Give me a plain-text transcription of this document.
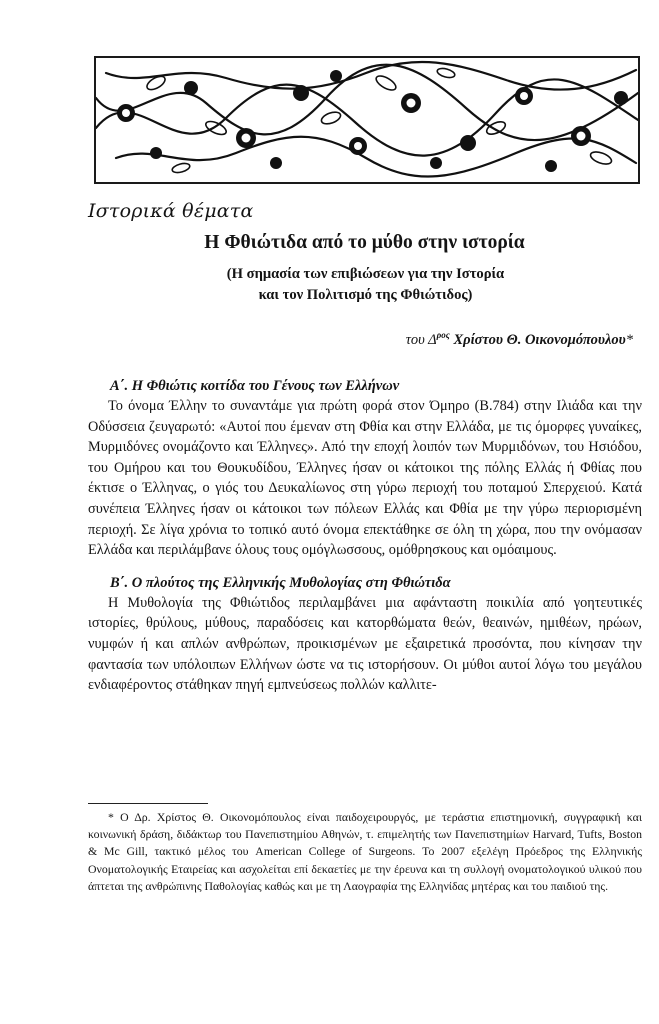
Ιστορικά θέματα
Η Φθιώτιδα από το μύθο στην ιστορία
(Η σημασία των επιβιώσεων για την Ιστορία
και τον Πολιτισμό της Φθιώτιδος)
του $\Delta^{\rho o\varsigma}$ Χρίστου Θ. Οικονομόπουλου*
Α΄. Η Φθιώτις κοιτίδα του Γένους των Ελλήνων

Το όνομα Έλλην το συναντάμε για πρώτη φορά στον Όμηρο (Β.784) στην Ιλιάδα και την Οδύσσεια ζευγαρωτό: «Αυτοί που έμεναν στη Φθία και στην Ελλάδα, με τις όμορφες γυναίκες, Μυρμιδόνες ονομάζοντο και Έλληνες». Από την εποχή λοιπόν των Μυρμιδόνων, του Ησιόδου, του Ομήρου και του Θουκυδίδου, Έλληνες ήσαν οι κάτοικοι της πόλης Ελλάς ή Φθίας που έκτισε ο Έλληνας, ο γιός του Δευκαλίωνος στη γύρω περιοχή του ποταμού Σπερχειού. Κατά συνέπεια Έλληνες ήσαν οι κάτοικοι των πόλεων Ελλάς και Φθία με την γύρω περιορισμένη περιοχή. Σε λίγα χρόνια το τοπικό αυτό όνομα επεκτάθηκε σε όλη τη χώρα, που την ονόμασαν Ελλάδα και περιλάμβανε όλους τους ομόγλωσσους, ομόθρησκους και ομόαιμους.

Β΄. Ο πλούτος της Ελληνικής Μυθολογίας στη Φθιώτιδα

Η Μυθολογία της Φθιώτιδος περιλαμβάνει μια αφάνταστη ποικιλία από γοητευτικές ιστορίες, θρύλους, μύθους, παραδόσεις και κατορθώματα θεών, θεαινών, ημιθέων, ηρώων, νυμφών ή και απλών ανθρώπων, προικισμένων με εξαιρετικά προσόντα, που κίνησαν την φαντασία των υπόλοιπων Ελλήνων ώστε να τις ιστορήσουν. Οι μύθοι αυτοί λόγω του μεγάλου ενδιαφέροντος στάθηκαν πηγή εμπνεύσεως πολλών καλλιτε-

* Ο Δρ. Χρίστος Θ. Οικονομόπουλος είναι παιδοχειρουργός, με τεράστια επιστημονική, συγγραφική και κοινωνική δράση, διδάκτωρ του Πανεπιστημίου Αθηνών, τ. επιμελητής των Πανεπιστημίων Harvard, Tufts, Boston & Mc Gill, τακτικό μέλος του American College of Surgeons. Το 2007 εξελέγη Πρόεδρος της Ελληνικής Ονοματολογικής Εταιρείας και ασχολείται επί δεκαετίες με την έρευνα και τη συλλογή ονοματολογικού υλικού που άπτεται της ανθρώπινης Παθολογίας καθώς και με τη Λαογραφία της Ελληνίδας μητέρας και του παιδιού της.
